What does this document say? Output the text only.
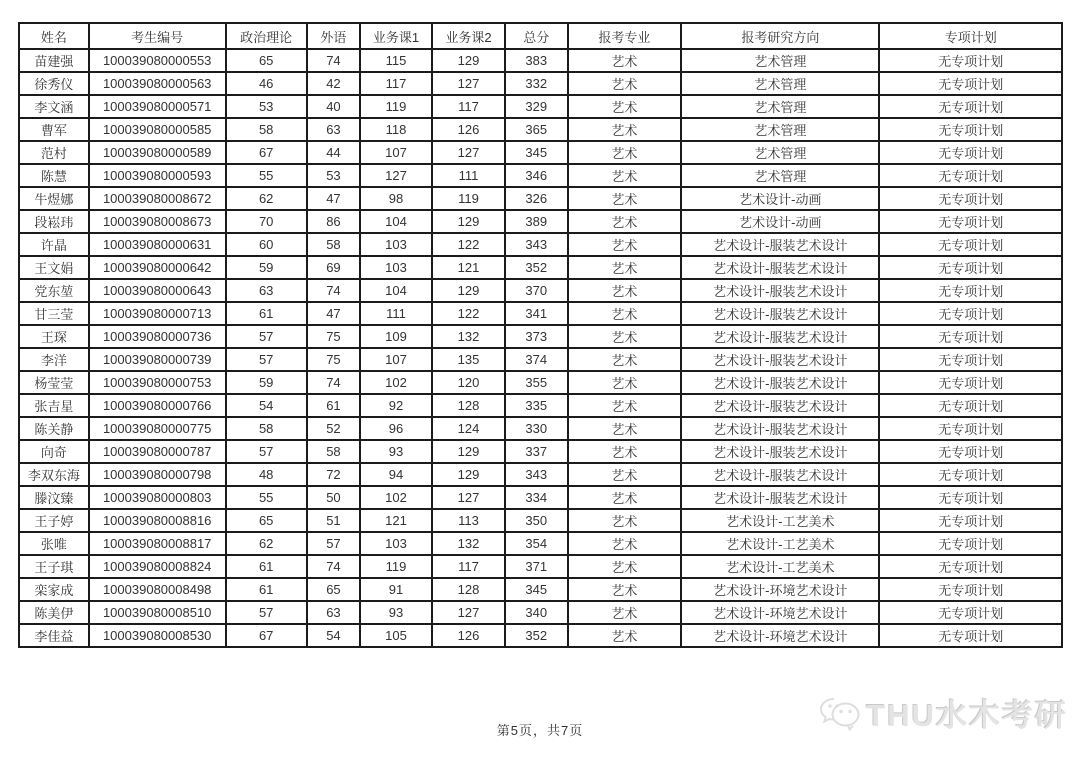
姓名	考生编号	政治理论	外语	业务课1	业务课2	总分	报考专业	报考研究方向	专项计划
苗建强	100039080000553	65	74	115	129	383	艺术	艺术管理	无专项计划
徐秀仪	100039080000563	46	42	117	127	332	艺术	艺术管理	无专项计划
李文涵	100039080000571	53	40	119	117	329	艺术	艺术管理	无专项计划
曹军	100039080000585	58	63	118	126	365	艺术	艺术管理	无专项计划
范村	100039080000589	67	44	107	127	345	艺术	艺术管理	无专项计划
陈慧	100039080000593	55	53	127	111	346	艺术	艺术管理	无专项计划
牛煜娜	100039080008672	62	47	98	119	326	艺术	艺术设计-动画	无专项计划
段崧玮	100039080008673	70	86	104	129	389	艺术	艺术设计-动画	无专项计划
许晶	100039080000631	60	58	103	122	343	艺术	艺术设计-服装艺术设计	无专项计划
王文娟	100039080000642	59	69	103	121	352	艺术	艺术设计-服装艺术设计	无专项计划
党东堃	100039080000643	63	74	104	129	370	艺术	艺术设计-服装艺术设计	无专项计划
甘三莹	100039080000713	61	47	111	122	341	艺术	艺术设计-服装艺术设计	无专项计划
王琛	100039080000736	57	75	109	132	373	艺术	艺术设计-服装艺术设计	无专项计划
李洋	100039080000739	57	75	107	135	374	艺术	艺术设计-服装艺术设计	无专项计划
杨莹莹	100039080000753	59	74	102	120	355	艺术	艺术设计-服装艺术设计	无专项计划
张吉星	100039080000766	54	61	92	128	335	艺术	艺术设计-服装艺术设计	无专项计划
陈关静	100039080000775	58	52	96	124	330	艺术	艺术设计-服装艺术设计	无专项计划
向奇	100039080000787	57	58	93	129	337	艺术	艺术设计-服装艺术设计	无专项计划
李双东海	100039080000798	48	72	94	129	343	艺术	艺术设计-服装艺术设计	无专项计划
滕汶臻	100039080000803	55	50	102	127	334	艺术	艺术设计-服装艺术设计	无专项计划
王子婷	100039080008816	65	51	121	113	350	艺术	艺术设计-工艺美术	无专项计划
张唯	100039080008817	62	57	103	132	354	艺术	艺术设计-工艺美术	无专项计划
王子琪	100039080008824	61	74	119	117	371	艺术	艺术设计-工艺美术	无专项计划
栾家成	100039080008498	61	65	91	128	345	艺术	艺术设计-环境艺术设计	无专项计划
陈美伊	100039080008510	57	63	93	127	340	艺术	艺术设计-环境艺术设计	无专项计划
李佳益	100039080008530	67	54	105	126	352	艺术	艺术设计-环境艺术设计	无专项计划
第5页，共7页	THU水木考研
